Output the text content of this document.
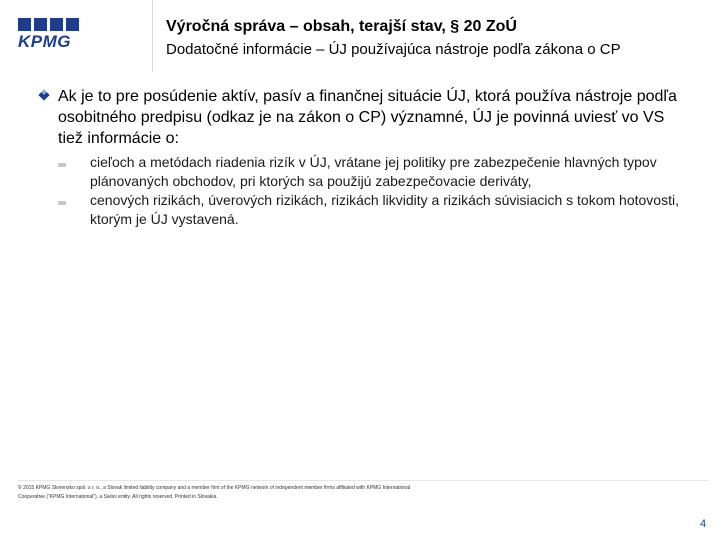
KPMG
Výročná správa – obsah, terajší stav, § 20 ZoÚ
Dodatočné informácie – ÚJ používajúca nástroje podľa zákona o CP
Ak je to pre posúdenie aktív, pasív a finančnej situácie ÚJ, ktorá používa nástroje podľa osobitného predpisu (odkaz je na zákon o CP) významné, ÚJ je povinná uviesť vo VS tiež informácie o:
cieľoch a metódach riadenia rizík v ÚJ, vrátane jej politiky pre zabezpečenie hlavných typov plánovaných obchodov, pri ktorých sa použijú zabezpečovacie deriváty,
cenových rizikách, úverových rizikách, rizikách likvidity a rizikách súvisiacich s tokom hotovosti, ktorým je ÚJ vystavená.
© 2015 KPMG Slovensko spol. s r. o., a Slovak limited liability company and a member firm of the KPMG network of independent member firms affiliated with KPMG International
Cooperative (“KPMG International”), a Swiss entity. All rights reserved. Printed in Slovakia.
4
